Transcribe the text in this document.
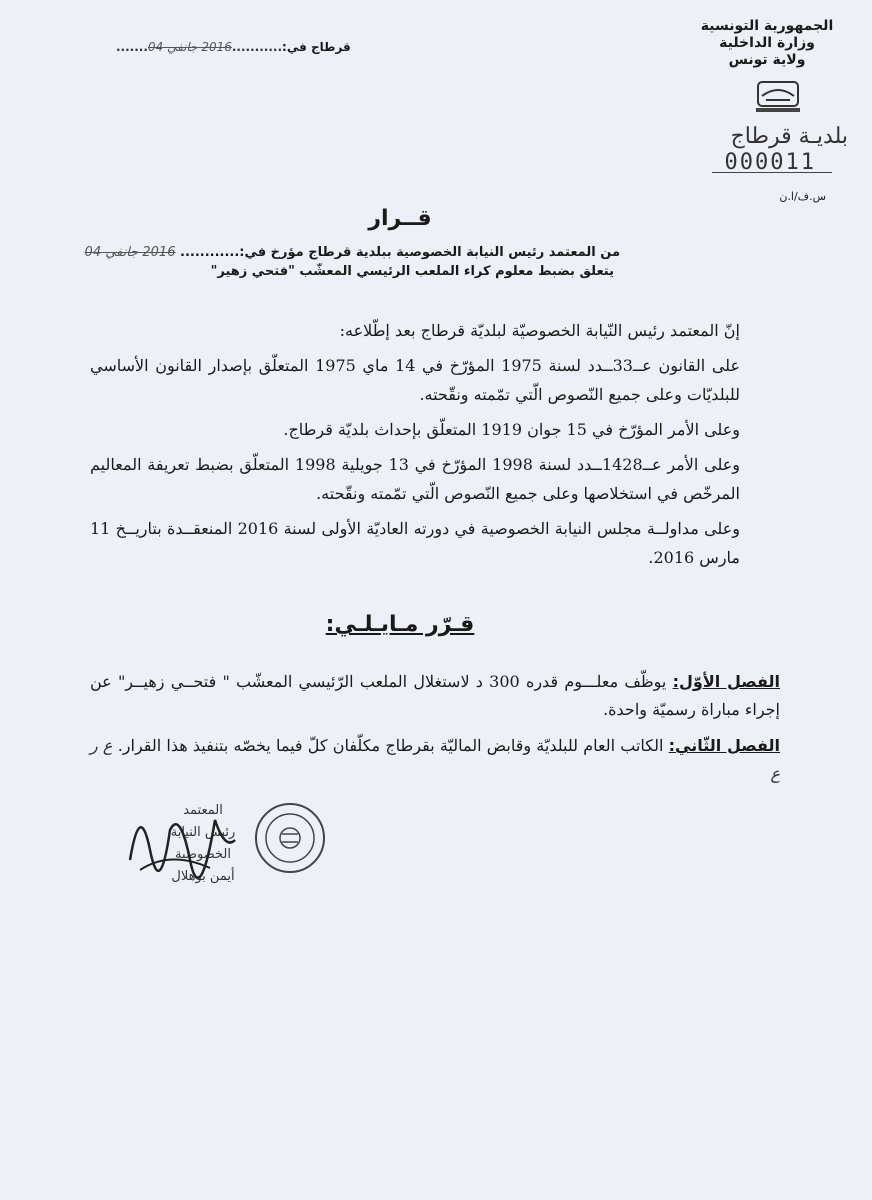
الجمهورية التونسية
وزارة الداخلية
ولاية تونس
بلديـة قرطاج
000011
س.ف/ا.ن
قرطاج في:...........2016 جانفي 04.......
قــرار
من المعتمد رئيس النيابة الخصوصية ببلدية قرطاج مؤرخ في:............ 2016 جانفي 04
يتعلق بضبط معلوم كراء الملعب الرئيسي المعشّب "فتحي زهير"

إنّ المعتمد رئيس النّيابة الخصوصيّة لبلديّة قرطاج بعد إطّلاعه:

على القانون عــ33ــدد لسنة 1975 المؤرّخ في 14 ماي 1975 المتعلّق بإصدار القانون الأساسي للبلديّات وعلى جميع النّصوص الّتي تمّمته ونقّحته.

وعلى الأمر المؤرّخ في 15 جوان 1919 المتعلّق بإحداث بلديّة قرطاج.

وعلى الأمر عــ1428ــدد لسنة 1998 المؤرّخ في 13 جويلية 1998 المتعلّق بضبط تعريفة المعاليم المرخّص في استخلاصها وعلى جميع النّصوص الّتي تمّمته ونقّحته.

وعلى مداولــة مجلس النيابة الخصوصية في دورته العاديّة الأولى لسنة 2016 المنعقــدة بتاريــخ 11 مارس 2016.

قـرّر مـايـلـي:

الفصل الأوّل: يوظّف معلـــوم قدره 300 د لاستغلال الملعب الرّئيسي المعشّب " فتحــي زهيــر" عن إجراء مباراة رسميّة واحدة.

الفصل الثّاني: الكاتب العام للبلديّة وقابض الماليّة بقرطاج مكلّفان كلّ فيما يخصّه بتنفيذ هذا القرار. ع ر ع

المعتمد
رئيس النيابة الخصوصية
أيمن بوهلال
